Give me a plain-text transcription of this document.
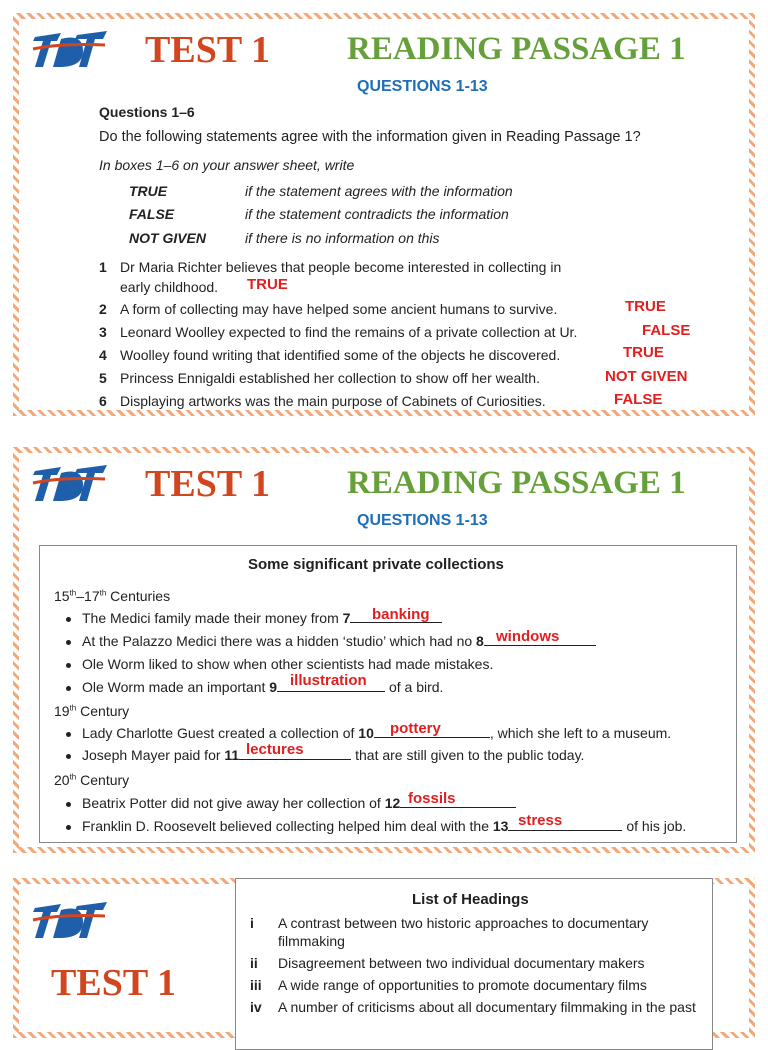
TEST 1 READING PASSAGE 1
QUESTIONS 1-13
Questions 1–6
Do the following statements agree with the information given in Reading Passage 1?
In boxes 1–6 on your answer sheet, write
TRUE	if the statement agrees with the information
FALSE	if the statement contradicts the information
NOT GIVEN	if there is no information on this
1 Dr Maria Richter believes that people become interested in collecting in
early childhood. TRUE
2 A form of collecting may have helped some ancient humans to survive.	TRUE
3 Leonard Woolley expected to find the remains of a private collection at Ur.	FALSE
4 Woolley found writing that identified some of the objects he discovered.	TRUE
5 Princess Ennigaldi established her collection to show off her wealth.	NOT GIVEN
6 Displaying artworks was the main purpose of Cabinets of Curiosities.	FALSE
TEST 1 READING PASSAGE 1
QUESTIONS 1-13
Some significant private collections
15th–17th Centuries
The Medici family made their money from 7	banking
At the Palazzo Medici there was a hidden ‘studio’ which had no 8 windows
Ole Worm liked to show when other scientists had made mistakes.
Ole Worm made an important 9	of a bird.
illustration
19th Century
Lady Charlotte Guest created a collection of 10	, which she left to a museum.
pottery
Joseph Mayer paid for 11	that are still given to the public today.
lectures
20th Century
Beatrix Potter did not give away her collection of 12 fossils
Franklin D. Roosevelt believed collecting helped him deal with the 13	of his job.
stress
TEST 1
List of Headings
i A contrast between two historic approaches to documentary
filmmaking
ii Disagreement between two individual documentary makers
iii A wide range of opportunities to promote documentary films
iv A number of criticisms about all documentary filmmaking in the past
